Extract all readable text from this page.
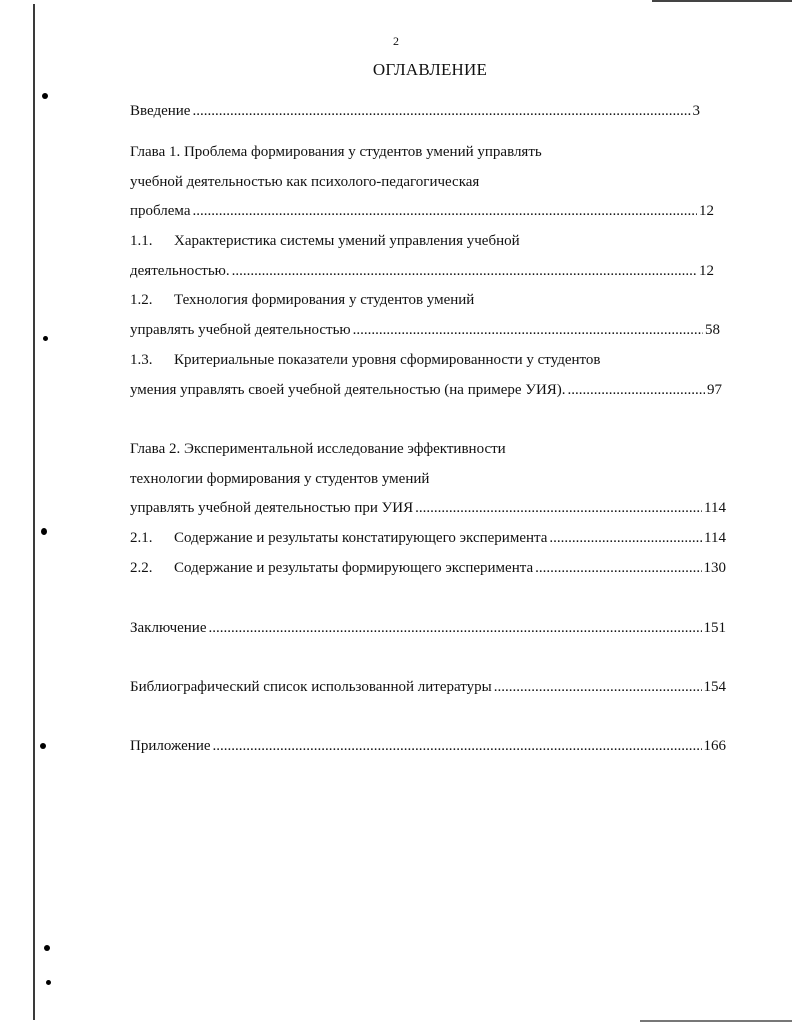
2
ОГЛАВЛЕНИЕ
Введение .....	3
Глава 1. Проблема формирования у студентов умений управлять
учебной деятельностью как психолого-педагогическая
проблема .....	12
1.1. Характеристика системы умений управления учебной
деятельностью. .....	12
1.2. Технология формирования у студентов умений
управлять учебной деятельностью .....	58
1.3. Критериальные показатели уровня сформированности у студентов
умения управлять своей учебной деятельностью (на примере УИЯ). .....	97
Глава 2. Экспериментальной исследование эффективности
технологии формирования у студентов умений
управлять учебной деятельностью при УИЯ .....	114
2.1. Содержание и результаты констатирующего эксперимента .....	114
2.2. Содержание и результаты формирующего эксперимента .....	130
Заключение .....	151
Библиографический список использованной литературы .....	154
Приложение .....	166
